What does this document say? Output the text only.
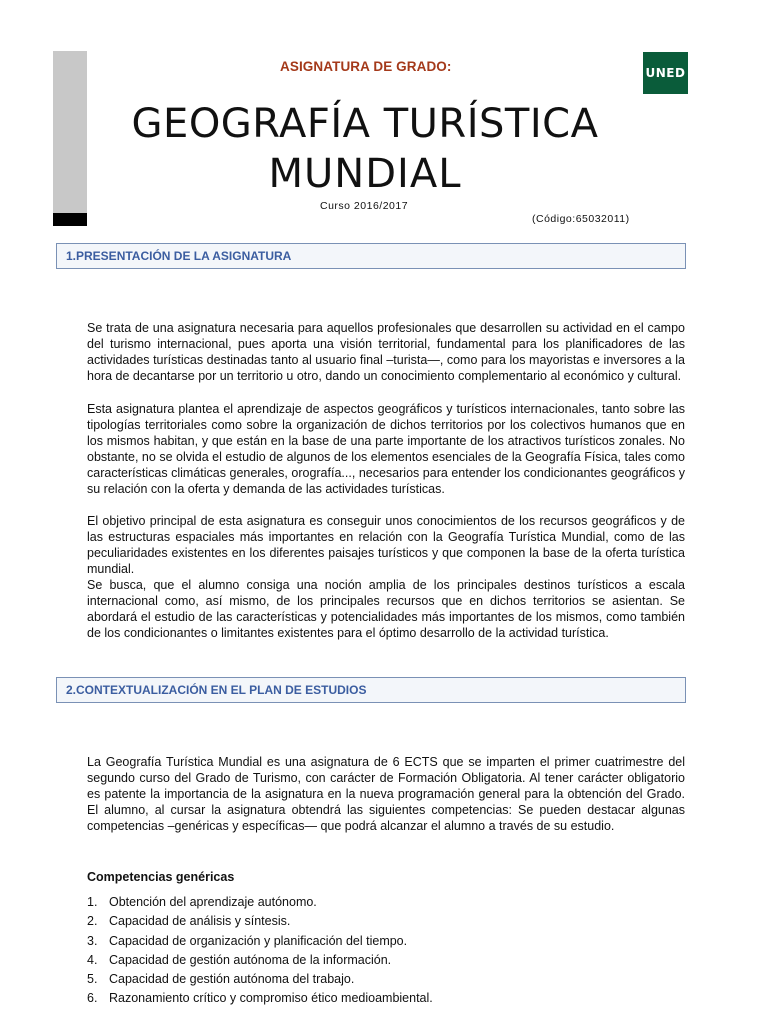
ASIGNATURA DE GRADO:	UNED
GEOGRAFÍA TURÍSTICA
MUNDIAL
Curso 2016/2017
(Código:65032011)
1.PRESENTACIÓN DE LA ASIGNATURA

Se trata de una asignatura necesaria para aquellos profesionales que desarrollen su actividad en el campo del turismo internacional, pues aporta una visión territorial, fundamental para los planificadores de las actividades turísticas destinadas tanto al usuario final –turista—, como para los mayoristas e inversores a la hora de decantarse por un territorio u otro, dando un conocimiento complementario al económico y cultural.

Esta asignatura plantea el aprendizaje de aspectos geográficos y turísticos internacionales, tanto sobre las tipologías territoriales como sobre la organización de dichos territorios por los colectivos humanos que en los mismos habitan, y que están en la base de una parte importante de los atractivos turísticos zonales. No obstante, no se olvida el estudio de algunos de los elementos esenciales de la Geografía Física, tales como características climáticas generales, orografía..., necesarios para entender los condicionantes geográficos y su relación con la oferta y demanda de las actividades turísticas.

El objetivo principal de esta asignatura es conseguir unos conocimientos de los recursos geográficos y de las estructuras espaciales más importantes en relación con la Geografía Turística Mundial, como de las peculiaridades existentes en los diferentes paisajes turísticos y que componen la base de la oferta turística mundial.

Se busca, que el alumno consiga una noción amplia de los principales destinos turísticos a escala internacional como, así mismo, de los principales recursos que en dichos territorios se asientan. Se abordará el estudio de las características y potencialidades más importantes de los mismos, como también de los condicionantes o limitantes existentes para el óptimo desarrollo de la actividad turística.

2.CONTEXTUALIZACIÓN EN EL PLAN DE ESTUDIOS

La Geografía Turística Mundial es una asignatura de 6 ECTS que se imparten el primer cuatrimestre del segundo curso del Grado de Turismo, con carácter de Formación Obligatoria. Al tener carácter obligatorio es patente la importancia de la asignatura en la nueva programación general para la obtención del Grado. El alumno, al cursar la asignatura obtendrá las siguientes competencias: Se pueden destacar algunas competencias –genéricas y específicas— que podrá alcanzar el alumno a través de su estudio.

Competencias genéricas
1. Obtención del aprendizaje autónomo.
2. Capacidad de análisis y síntesis.
3. Capacidad de organización y planificación del tiempo.
4. Capacidad de gestión autónoma de la información.
5. Capacidad de gestión autónoma del trabajo.
6. Razonamiento crítico y compromiso ético medioambiental.
